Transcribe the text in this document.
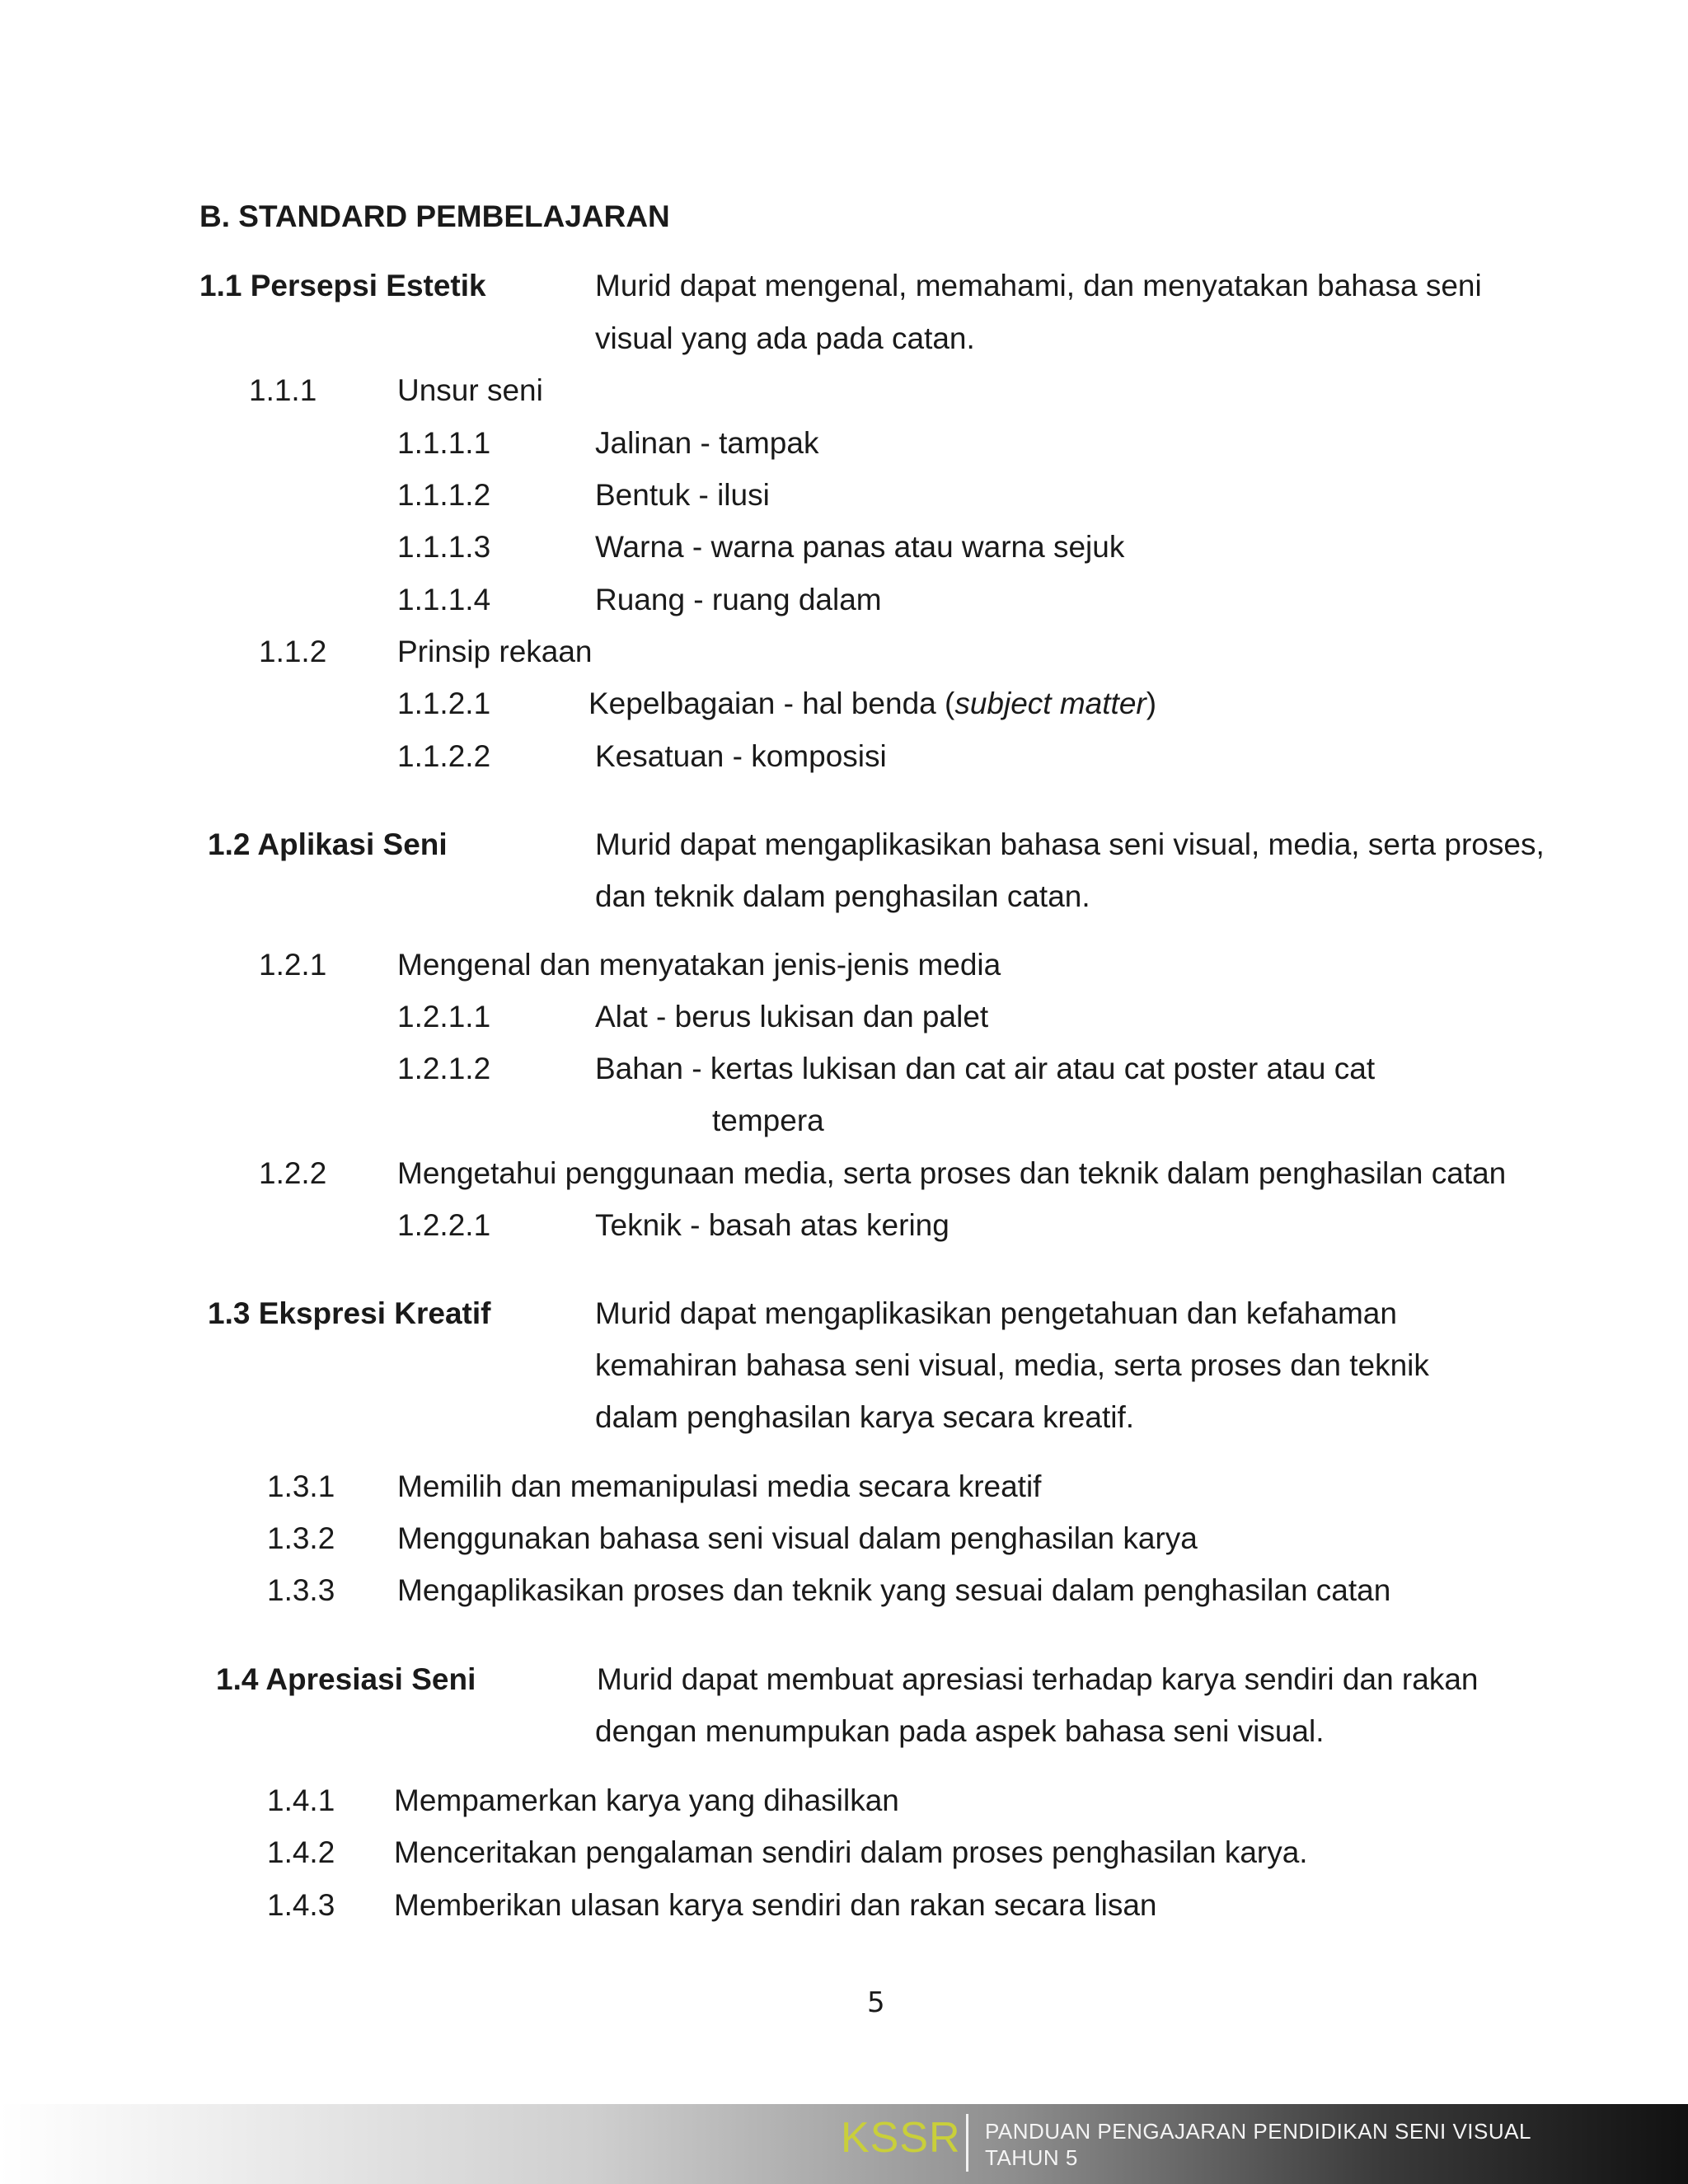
B. STANDARD PEMBELAJARAN
1.1 Persepsi Estetik	Murid dapat mengenal, memahami, dan menyatakan bahasa seni
visual yang ada pada catan.
1.1.1	Unsur seni
1.1.1.1	Jalinan - tampak
1.1.1.2	Bentuk - ilusi
1.1.1.3	Warna - warna panas atau warna sejuk
1.1.1.4	Ruang - ruang dalam
1.1.2 Prinsip rekaan
1.1.2.1	Kepelbagaian - hal benda (subject matter)
1.1.2.2	Kesatuan - komposisi
1.2 Aplikasi Seni	Murid dapat mengaplikasikan bahasa seni visual, media, serta proses,
dan teknik dalam penghasilan catan.
1.2.1 Mengenal dan menyatakan jenis-jenis media
1.2.1.1	Alat - berus lukisan dan palet
1.2.1.2	Bahan - kertas lukisan dan cat air atau cat poster atau cat
tempera
1.2.2 Mengetahui penggunaan media, serta proses dan teknik dalam penghasilan catan
1.2.2.1	Teknik - basah atas kering
1.3 Ekspresi Kreatif	Murid dapat mengaplikasikan pengetahuan dan kefahaman
kemahiran bahasa seni visual, media, serta proses dan teknik
dalam penghasilan karya secara kreatif.
1.3.1 Memilih dan memanipulasi media secara kreatif
1.3.2 Menggunakan bahasa seni visual dalam penghasilan karya
1.3.3 Mengaplikasikan proses dan teknik yang sesuai dalam penghasilan catan
1.4 Apresiasi Seni	Murid dapat membuat apresiasi terhadap karya sendiri dan rakan
dengan menumpukan pada aspek bahasa seni visual.
1.4.1 Mempamerkan karya yang dihasilkan
1.4.2 Menceritakan pengalaman sendiri dalam proses penghasilan karya.
1.4.3 Memberikan ulasan karya sendiri dan rakan secara lisan
5
KSSR PANDUAN PENGAJARAN PENDIDIKAN SENI VISUAL
TAHUN 5
